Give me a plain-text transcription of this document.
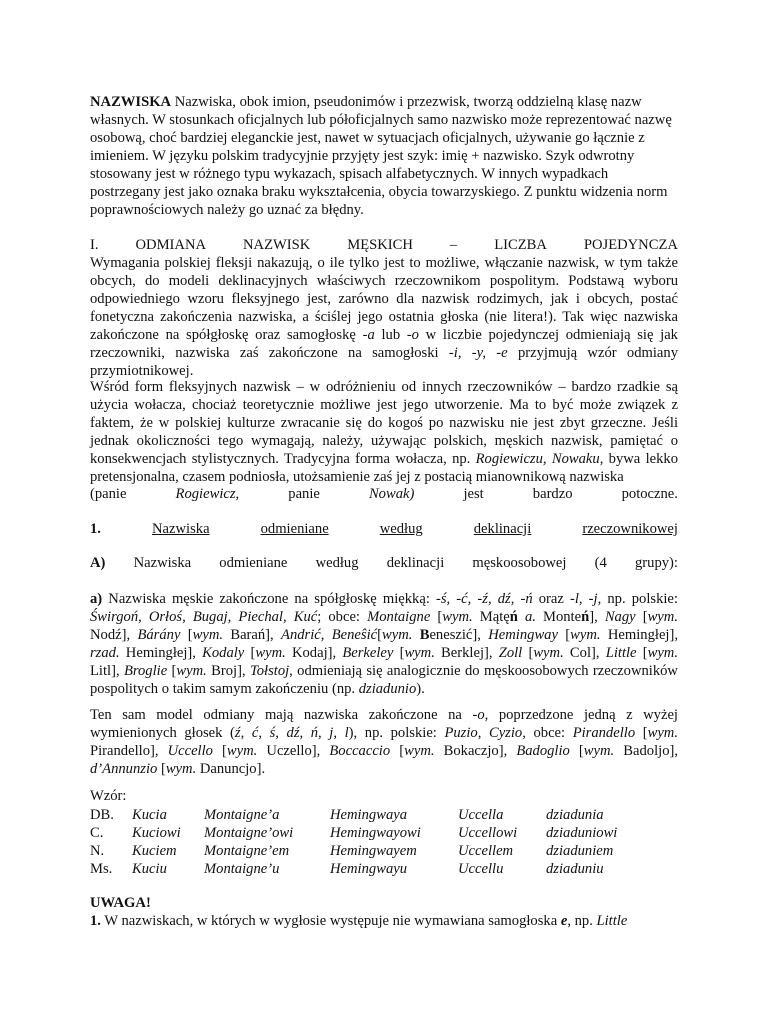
NAZWISKA Nazwiska, obok imion, pseudonimów i przezwisk, tworzą oddzielną klasę nazw własnych. W stosunkach oficjalnych lub półoficjalnych samo nazwisko może reprezentować nazwę osobową, choć bardziej eleganckie jest, nawet w sytuacjach oficjalnych, używanie go łącznie z imieniem. W języku polskim tradycyjnie przyjęty jest szyk: imię + nazwisko. Szyk odwrotny stosowany jest w różnego typu wykazach, spisach alfabetycznych. W innych wypadkach postrzegany jest jako oznaka braku wykształcenia, obycia towarzyskiego. Z punktu widzenia norm poprawnościowych należy go uznać za błędny.

I.	ODMIANA	NAZWISK	MĘSKICH	–	LICZBA	POJEDYNCZA

Wymagania polskiej fleksji nakazują, o ile tylko jest to możliwe, włączanie nazwisk, w tym także obcych, do modeli deklinacyjnych właściwych rzeczownikom pospolitym. Podstawą wyboru odpowiedniego wzoru fleksyjnego jest, zarówno dla nazwisk rodzimych, jak i obcych, postać fonetyczna zakończenia nazwiska, a ściślej jego ostatnia głoska (nie litera!). Tak więc nazwiska zakończone na spółgłoskę oraz samogłoskę -a lub -o w liczbie pojedynczej odmieniają się jak rzeczowniki, nazwiska zaś zakończone na samogłoski -i, -y, -e przyjmują wzór odmiany przymiotnikowej.

Wśród form fleksyjnych nazwisk – w odróżnieniu od innych rzeczowników – bardzo rzadkie są użycia wołacza, chociaż teoretycznie możliwe jest jego utworzenie. Ma to być może związek z faktem, że w polskiej kulturze zwracanie się do kogoś po nazwisku nie jest zbyt grzeczne. Jeśli jednak okoliczności tego wymagają, należy, używając polskich, męskich nazwisk, pamiętać o konsekwencjach stylistycznych. Tradycyjna forma wołacza, np. Rogiewiczu, Nowaku, bywa lekko pretensjonalna, czasem podniosła, utożsamienie zaś jej z postacią mianownikową nazwiska

(panie	Rogiewicz,	panie	Nowak)	jest	bardzo	potoczne.
1.	Nazwiska	odmieniane	według	deklinacji	rzeczownikowej
A) Nazwiska odmieniane według deklinacji męskoosobowej (4 grupy):

a) Nazwiska męskie zakończone na spółgłoskę miękką: -ś, -ć, -ź, dź, -ń oraz -l, -j, np. polskie: Świrgoń, Orłoś, Bugaj, Piechal, Kuć; obce: Montaigne [wym. Mątęń a. Monteń], Nagy [wym. Nodź], Bárány [wym. Barań], Andrić, Beneŝić[wym. Beneszić], Hemingway [wym. Hemingłej], rzad. Hemingłej], Kodaly [wym. Kodaj], Berkeley [wym. Berklej], Zoll [wym. Col], Little [wym. Litl], Broglie [wym. Broj], Tołstoj, odmieniają się analogicznie do męskoosobowych rzeczowników pospolitych o takim samym zakończeniu (np. dziadunio).

Ten sam model odmiany mają nazwiska zakończone na -o, poprzedzone jedną z wyżej wymienionych głosek (ź, ć, ś, dź, ń, j, l), np. polskie: Puzio, Cyzio, obce: Pirandello [wym. Pirandello], Uccello [wym. Uczello], Boccaccio [wym. Bokaczjo], Badoglio [wym. Badoljo], d’Annunzio [wym. Danuncjo].

Wzór:

DB.	Kucia	Montaigne’a	Hemingwaya	Uccella	dziadunia
C.	Kuciowi	Montaigne’owi	Hemingwayowi	Uccellowi	dziaduniowi
N.	Kuciem	Montaigne’em	Hemingwayem	Uccellem	dziaduniem
Ms.	Kuciu	Montaigne’u	Hemingwayu	Uccellu	dziaduniu

UWAGA!

1. W nazwiskach, w których w wygłosie występuje nie wymawiana samogłoska e, np. Little
